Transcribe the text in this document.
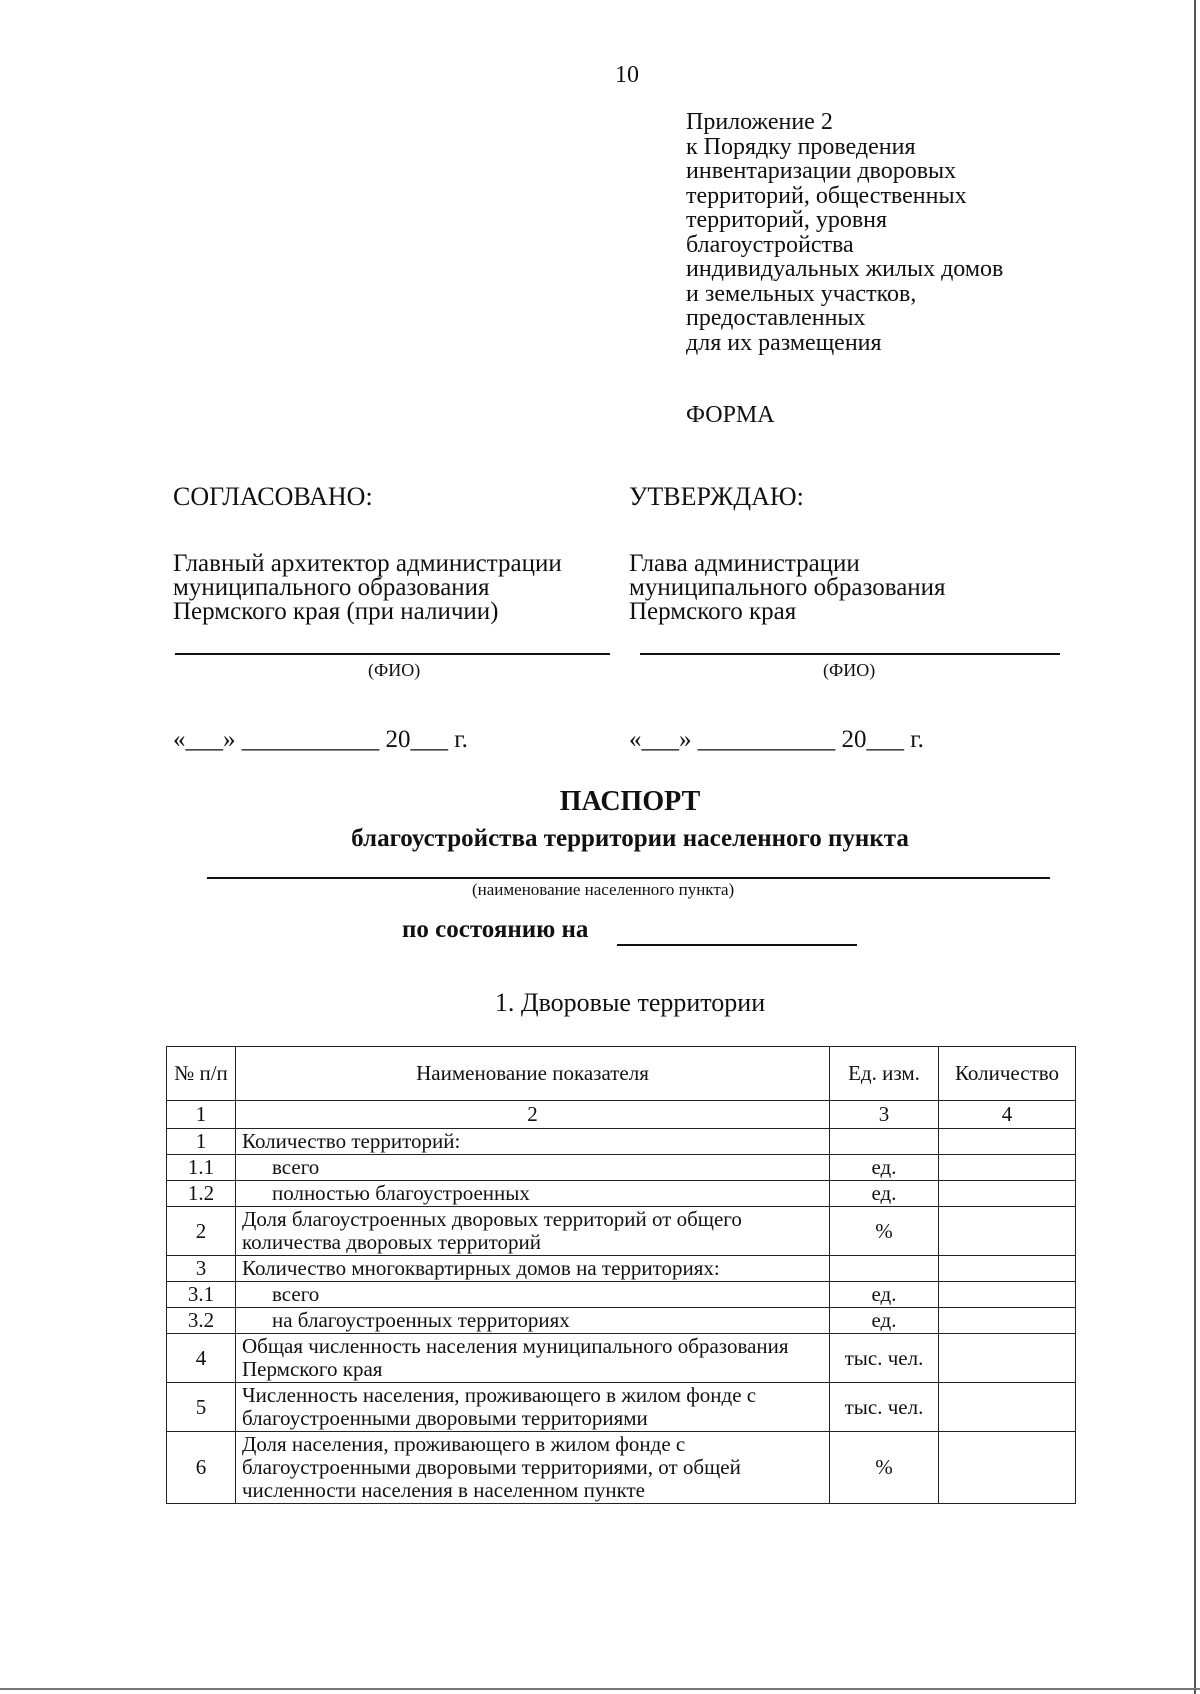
10
Приложение 2
к Порядку проведения
инвентаризации дворовых
территорий, общественных
территорий, уровня
благоустройства
индивидуальных жилых домов
и земельных участков,
предоставленных
для их размещения
ФОРМА
СОГЛАСОВАНО:
Главный архитектор администрации
муниципального образования
Пермского края (при наличии)
УТВЕРЖДАЮ:
Глава администрации
муниципального образования
Пермского края
(ФИО)	(ФИО)
«___» ___________ 20___ г.	«___» ___________ 20___ г.
ПАСПОРТ
благоустройства территории населенного пункта
(наименование населенного пункта)
по состоянию на
1. Дворовые территории
№ п/п	Наименование показателя	Ед. изм.	Количество
1	2	3	4
1	Количество территорий:		
1.1	всего	ед.	
1.2	полностью благоустроенных	ед.	
2	Доля благоустроенных дворовых территорий от общего количества дворовых территорий	%	
3	Количество многоквартирных домов на территориях:		
3.1	всего	ед.	
3.2	на благоустроенных территориях	ед.	
4	Общая численность населения муниципального образования Пермского края	тыс. чел.	
5	Численность населения, проживающего в жилом фонде с благоустроенными дворовыми территориями	тыс. чел.	
6	Доля населения, проживающего в жилом фонде с благоустроенными дворовыми территориями, от общей численности населения в населенном пункте	%	
